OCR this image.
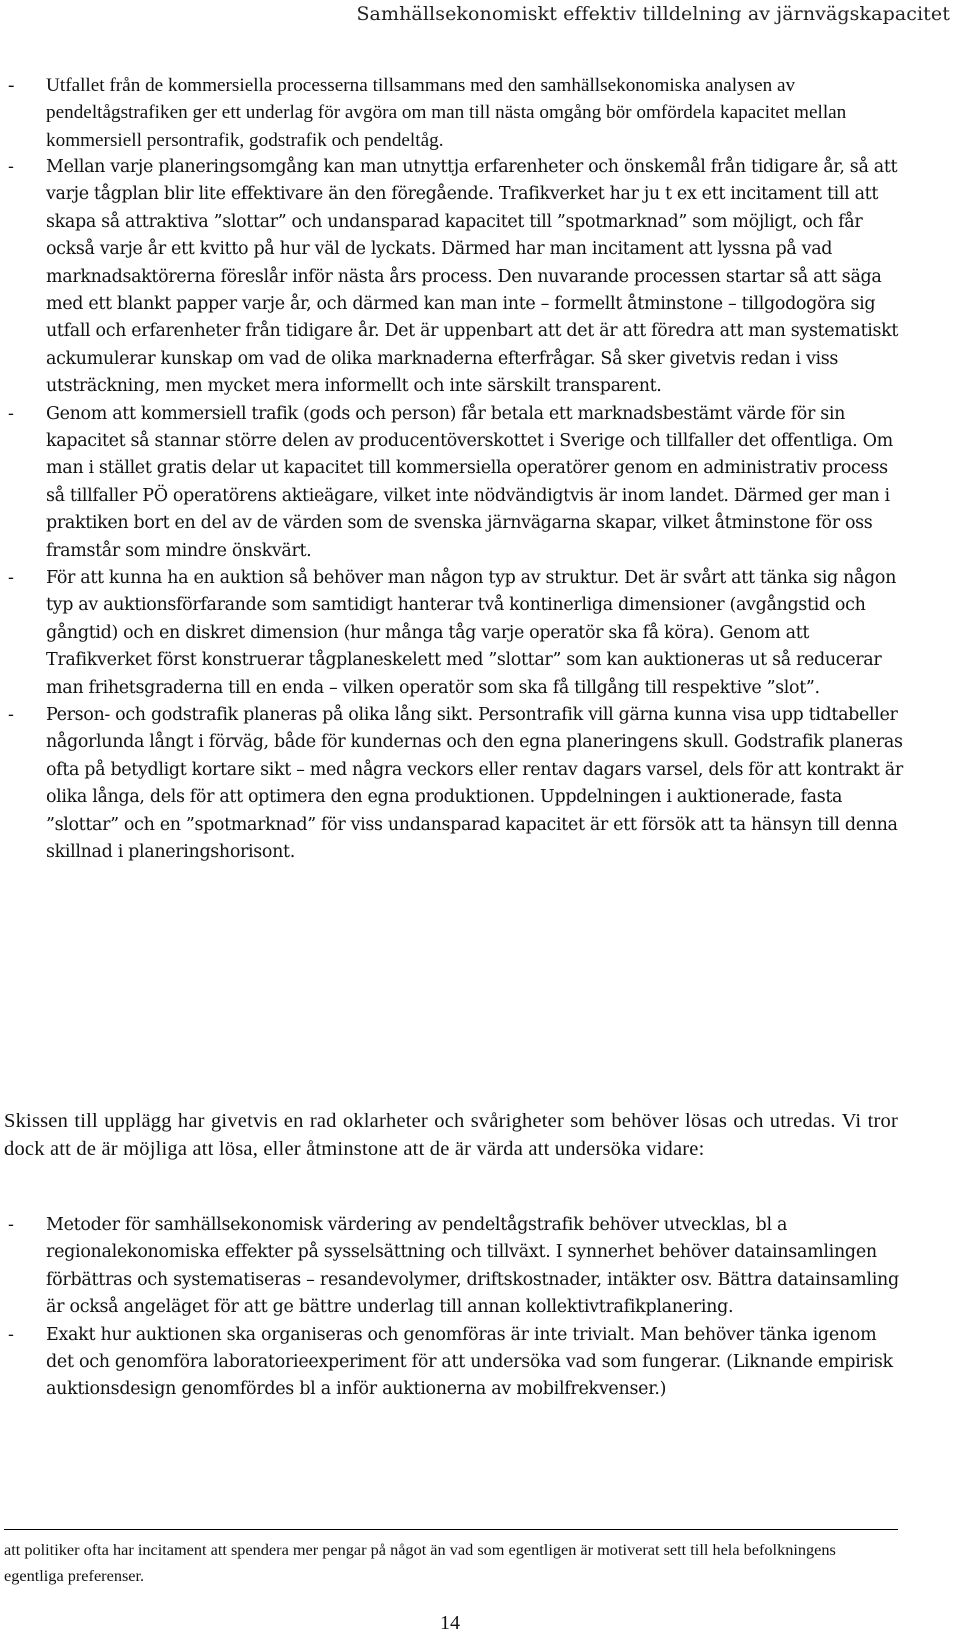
Samhällsekonomiskt effektiv tilldelning av järnvägskapacitet
- Utfallet från de kommersiella processerna tillsammans med den samhällsekonomiska analysen av pendeltågstrafiken ger ett underlag för avgöra om man till nästa omgång bör omfördela kapacitet mellan kommersiell persontrafik, godstrafik och pendeltåg.
- Mellan varje planeringsomgång kan man utnyttja erfarenheter och önskemål från tidigare år, så att varje tågplan blir lite effektivare än den föregående. Trafikverket har ju t ex ett incitament till att skapa så attraktiva ”slottar” och undansparad kapacitet till ”spotmarknad” som möjligt, och får också varje år ett kvitto på hur väl de lyckats. Därmed har man incitament att lyssna på vad marknadsaktörerna föreslår inför nästa års process. Den nuvarande processen startar så att säga med ett blankt papper varje år, och därmed kan man inte – formellt åtminstone – tillgodogöra sig utfall och erfarenheter från tidigare år. Det är uppenbart att det är att föredra att man systematiskt ackumulerar kunskap om vad de olika marknaderna efterfrågar. Så sker givetvis redan i viss utsträckning, men mycket mera informellt och inte särskilt transparent.
- Genom att kommersiell trafik (gods och person) får betala ett marknadsbestämt värde för sin kapacitet så stannar större delen av producentöverskottet i Sverige och tillfaller det offentliga. Om man i stället gratis delar ut kapacitet till kommersiella operatörer genom en administrativ process så tillfaller PÖ operatörens aktieägare, vilket inte nödvändigtvis är inom landet. Därmed ger man i praktiken bort en del av de värden som de svenska järnvägarna skapar, vilket åtminstone för oss framstår som mindre önskvärt.
- För att kunna ha en auktion så behöver man någon typ av struktur. Det är svårt att tänka sig någon typ av auktionsförfarande som samtidigt hanterar två kontinerliga dimensioner (avgångstid och gångtid) och en diskret dimension (hur många tåg varje operatör ska få köra). Genom att Trafikverket först konstruerar tågplaneskelett med ”slottar” som kan auktioneras ut så reducerar man frihetsgraderna till en enda – vilken operatör som ska få tillgång till respektive ”slot”.
- Person- och godstrafik planeras på olika lång sikt. Persontrafik vill gärna kunna visa upp tidtabeller någorlunda långt i förväg, både för kundernas och den egna planeringens skull. Godstrafik planeras ofta på betydligt kortare sikt – med några veckors eller rentav dagars varsel, dels för att kontrakt är olika långa, dels för att optimera den egna produktionen. Uppdelningen i auktionerade, fasta ”slottar” och en ”spotmarknad” för viss undansparad kapacitet är ett försök att ta hänsyn till denna skillnad i planeringshorisont.

Skissen till upplägg har givetvis en rad oklarheter och svårigheter som behöver lösas och utredas. Vi tror dock att de är möjliga att lösa, eller åtminstone att de är värda att undersöka vidare:

- Metoder för samhällsekonomisk värdering av pendeltågstrafik behöver utvecklas, bl a regionalekonomiska effekter på sysselsättning och tillväxt. I synnerhet behöver datainsamlingen förbättras och systematiseras – resandevolymer, driftskostnader, intäkter osv. Bättra datainsamling är också angeläget för att ge bättre underlag till annan kollektivtrafikplanering.
- Exakt hur auktionen ska organiseras och genomföras är inte trivialt. Man behöver tänka igenom det och genomföra laboratorieexperiment för att undersöka vad som fungerar. (Liknande empirisk auktionsdesign genomfördes bl a inför auktionerna av mobilfrekvenser.)

att politiker ofta har incitament att spendera mer pengar på något än vad som egentligen är motiverat sett till hela befolkningens egentliga preferenser.

14
